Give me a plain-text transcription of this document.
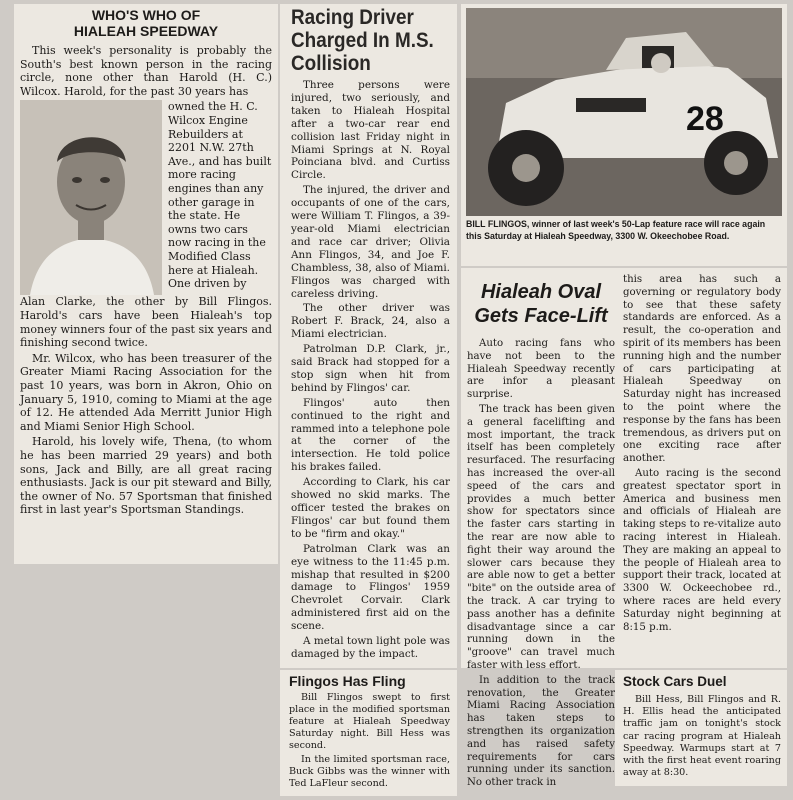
WHO'S WHO OF
HIALEAH SPEEDWAY

This week's personality is probably the South's best known person in the racing circle, none other than Harold (H. C.) Wilcox. Harold, for the past 30 years has

owned the H. C. Wilcox Engine Rebuilders at 2201 N.W. 27th Ave., and has built more racing engines than any other garage in the state. He owns two cars now racing in the Modified Class here at Hialeah. One driven by

Alan Clarke, the other by Bill Flingos. Harold's cars have been Hialeah's top money winners four of the past six years and finishing second twice.

Mr. Wilcox, who has been treasurer of the Greater Miami Racing Association for the past 10 years, was born in Akron, Ohio on January 5, 1910, coming to Miami at the age of 12. He attended Ada Merritt Junior High and Miami Senior High School.

Harold, his lovely wife, Thena, (to whom he has been married 29 years) and both sons, Jack and Billy, are all great racing enthusiasts. Jack is our pit steward and Billy, the owner of No. 57 Sportsman that finished first in last year's Sportsman Standings.

Racing Driver Charged In M.S. Collision

Three persons were injured, two seriously, and taken to Hialeah Hospital after a two-car rear end collision last Friday night in Miami Springs at N. Royal Poinciana blvd. and Curtiss Circle.

The injured, the driver and occupants of one of the cars, were William T. Flingos, a 39-year-old Miami electrician and race car driver; Olivia Ann Flingos, 34, and Joe F. Chambless, 38, also of Miami. Flingos was charged with careless driving.

The other driver was Robert F. Brack, 24, also a Miami electrician.

Patrolman D.P. Clark, jr., said Brack had stopped for a stop sign when hit from behind by Flingos' car.

Flingos' auto then continued to the right and rammed into a telephone pole at the corner of the intersection. He told police his brakes failed.

According to Clark, his car showed no skid marks. The officer tested the brakes on Flingos' car but found them to be "firm and okay."

Patrolman Clark was an eye witness to the 11:45 p.m. mishap that resulted in $200 damage to Flingos' 1959 Chevrolet Corvair. Clark administered first aid on the scene.

A metal town light pole was damaged by the impact.

Flingos Has Fling

Bill Flingos swept to first place in the modified sportsman feature at Hialeah Speedway Saturday night. Bill Hess was second.

In the limited sportsman race, Buck Gibbs was the winner with Ted LaFleur second.

28
BILL FLINGOS, winner of last week's 50-Lap feature race will race again this Saturday at Hialeah Speedway, 3300 W. Okeechobee Road.
Hialeah Oval
Gets Face-Lift

Auto racing fans who have not been to the Hialeah Speedway recently are infor a pleasant surprise.

The track has been given a general facelifting and most important, the track itself has been completely resurfaced. The resurfacing has increased the over-all speed of the cars and provides a much better show for spectators since the faster cars starting in the rear are now able to fight their way around the slower cars because they are able now to get a better "bite" on the outside area of the track. A car trying to pass another has a definite disadvantage since a car running down in the "groove" can travel much faster with less effort.

In addition to the track renovation, the Greater Miami Racing Association has taken steps to strengthen its organization and has raised safety requirements for cars running under its sanction. No other track in

this area has such a governing or regulatory body to see that these safety standards are enforced. As a result, the co-operation and spirit of its members has been running high and the number of cars participating at Hialeah Speedway on Saturday night has increased to the point where the response by the fans has been tremendous, as drivers put on one exciting race after another.

Auto racing is the second greatest spectator sport in America and business men and officials of Hialeah are taking steps to re-vitalize auto racing interest in Hialeah. They are making an appeal to the people of Hialeah area to support their track, located at 3300 W. Ockeechobee rd., where races are held every Saturday night beginning at 8:15 p.m.

Stock Cars Duel

Bill Hess, Bill Flingos and R. H. Ellis head the anticipated traffic jam on tonight's stock car racing program at Hialeah Speedway. Warmups start at 7 with the first heat event roaring away at 8:30.
